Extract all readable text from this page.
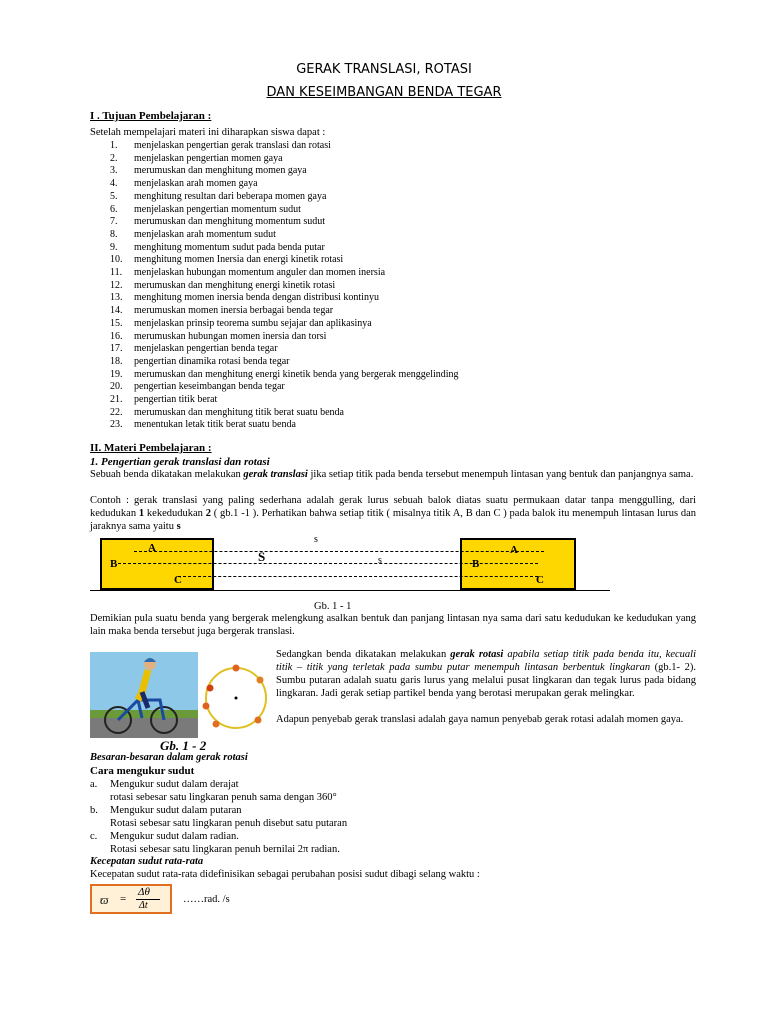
GERAK TRANSLASI, ROTASI
DAN KESEIMBANGAN BENDA TEGAR
I . Tujuan Pembelajaran :
Setelah mempelajari materi ini diharapkan siswa dapat :
1. menjelaskan pengertian gerak translasi dan rotasi
2. menjelaskan pengertian momen gaya
3. merumuskan dan menghitung momen gaya
4. menjelaskan arah momen gaya
5. menghitung resultan dari beberapa momen gaya
6. menjelaskan pengertian momentum sudut
7. merumuskan dan menghitung momentum sudut
8. menjelaskan arah momentum sudut
9. menghitung momentum sudut pada benda putar
10. menghitung momen Inersia dan energi kinetik rotasi
11. menjelaskan hubungan momentum anguler dan momen inersia
12. merumuskan dan menghitung energi kinetik rotasi
13. menghitung momen inersia benda dengan distribusi kontinyu
14. merumuskan momen inersia berbagai benda tegar
15. menjelaskan prinsip teorema sumbu sejajar dan aplikasinya
16. merumuskan hubungan momen inersia dan torsi
17. menjelaskan pengertian benda tegar
18. pengertian dinamika rotasi benda tegar
19. merumuskan dan menghitung energi kinetik benda yang bergerak menggelinding
20. pengertian keseimbangan benda tegar
21. pengertian titik berat
22. merumuskan dan menghitung titik berat suatu benda
23. menentukan letak titik berat suatu benda
II. Materi Pembelajaran :
1. Pengertian gerak translasi dan rotasi
Sebuah benda dikatakan melakukan gerak translasi jika setiap titik pada benda tersebut menempuh lintasan yang bentuk dan panjangnya sama.
Contoh : gerak translasi yang paling sederhana adalah gerak lurus sebuah balok diatas suatu permukaan datar tanpa menggulling, dari kedudukan 1 kekedudukan 2 ( gb.1 -1 ). Perhatikan bahwa setiap titik ( misalnya titik A, B dan C ) pada balok itu menempuh lintasan lurus dan jaraknya sama yaitu s
s
A
B
C
S	s
A
B
C
Gb. 1 - 1
Demikian pula suatu benda yang bergerak melengkung asalkan bentuk dan panjang lintasan nya sama dari satu kedudukan ke kedudukan yang lain maka benda tersebut juga bergerak translasi.
Gb. 1 - 2
Sedangkan benda dikatakan melakukan gerak rotasi apabila setiap titik pada benda itu, kecuali titik – titik yang terletak pada sumbu putar menempuh lintasan berbentuk lingkaran (gb.1- 2). Sumbu putaran adalah suatu garis lurus yang melalui pusat lingkaran dan tegak lurus pada bidang lingkaran. Jadi gerak setiap partikel benda yang berotasi merupakan gerak melingkar.
Adapun penyebab gerak translasi adalah gaya namun penyebab gerak rotasi adalah momen gaya.
Besaran-besaran dalam gerak rotasi
Cara mengukur sudut
a. Mengukur sudut dalam derajat
rotasi sebesar satu lingkaran penuh sama dengan 360°
b. Mengukur sudut dalam putaran
Rotasi sebesar satu lingkaran penuh disebut satu putaran
c. Mengukur sudut dalam radian.
Rotasi sebesar satu lingkaran penuh bernilai 2π radian.
Kecepatan sudut rata-rata
Kecepatan sudut rata-rata didefinisikan sebagai perubahan posisi sudut dibagi selang waktu :
ϖ =
Δθ
Δt
……rad. /s
